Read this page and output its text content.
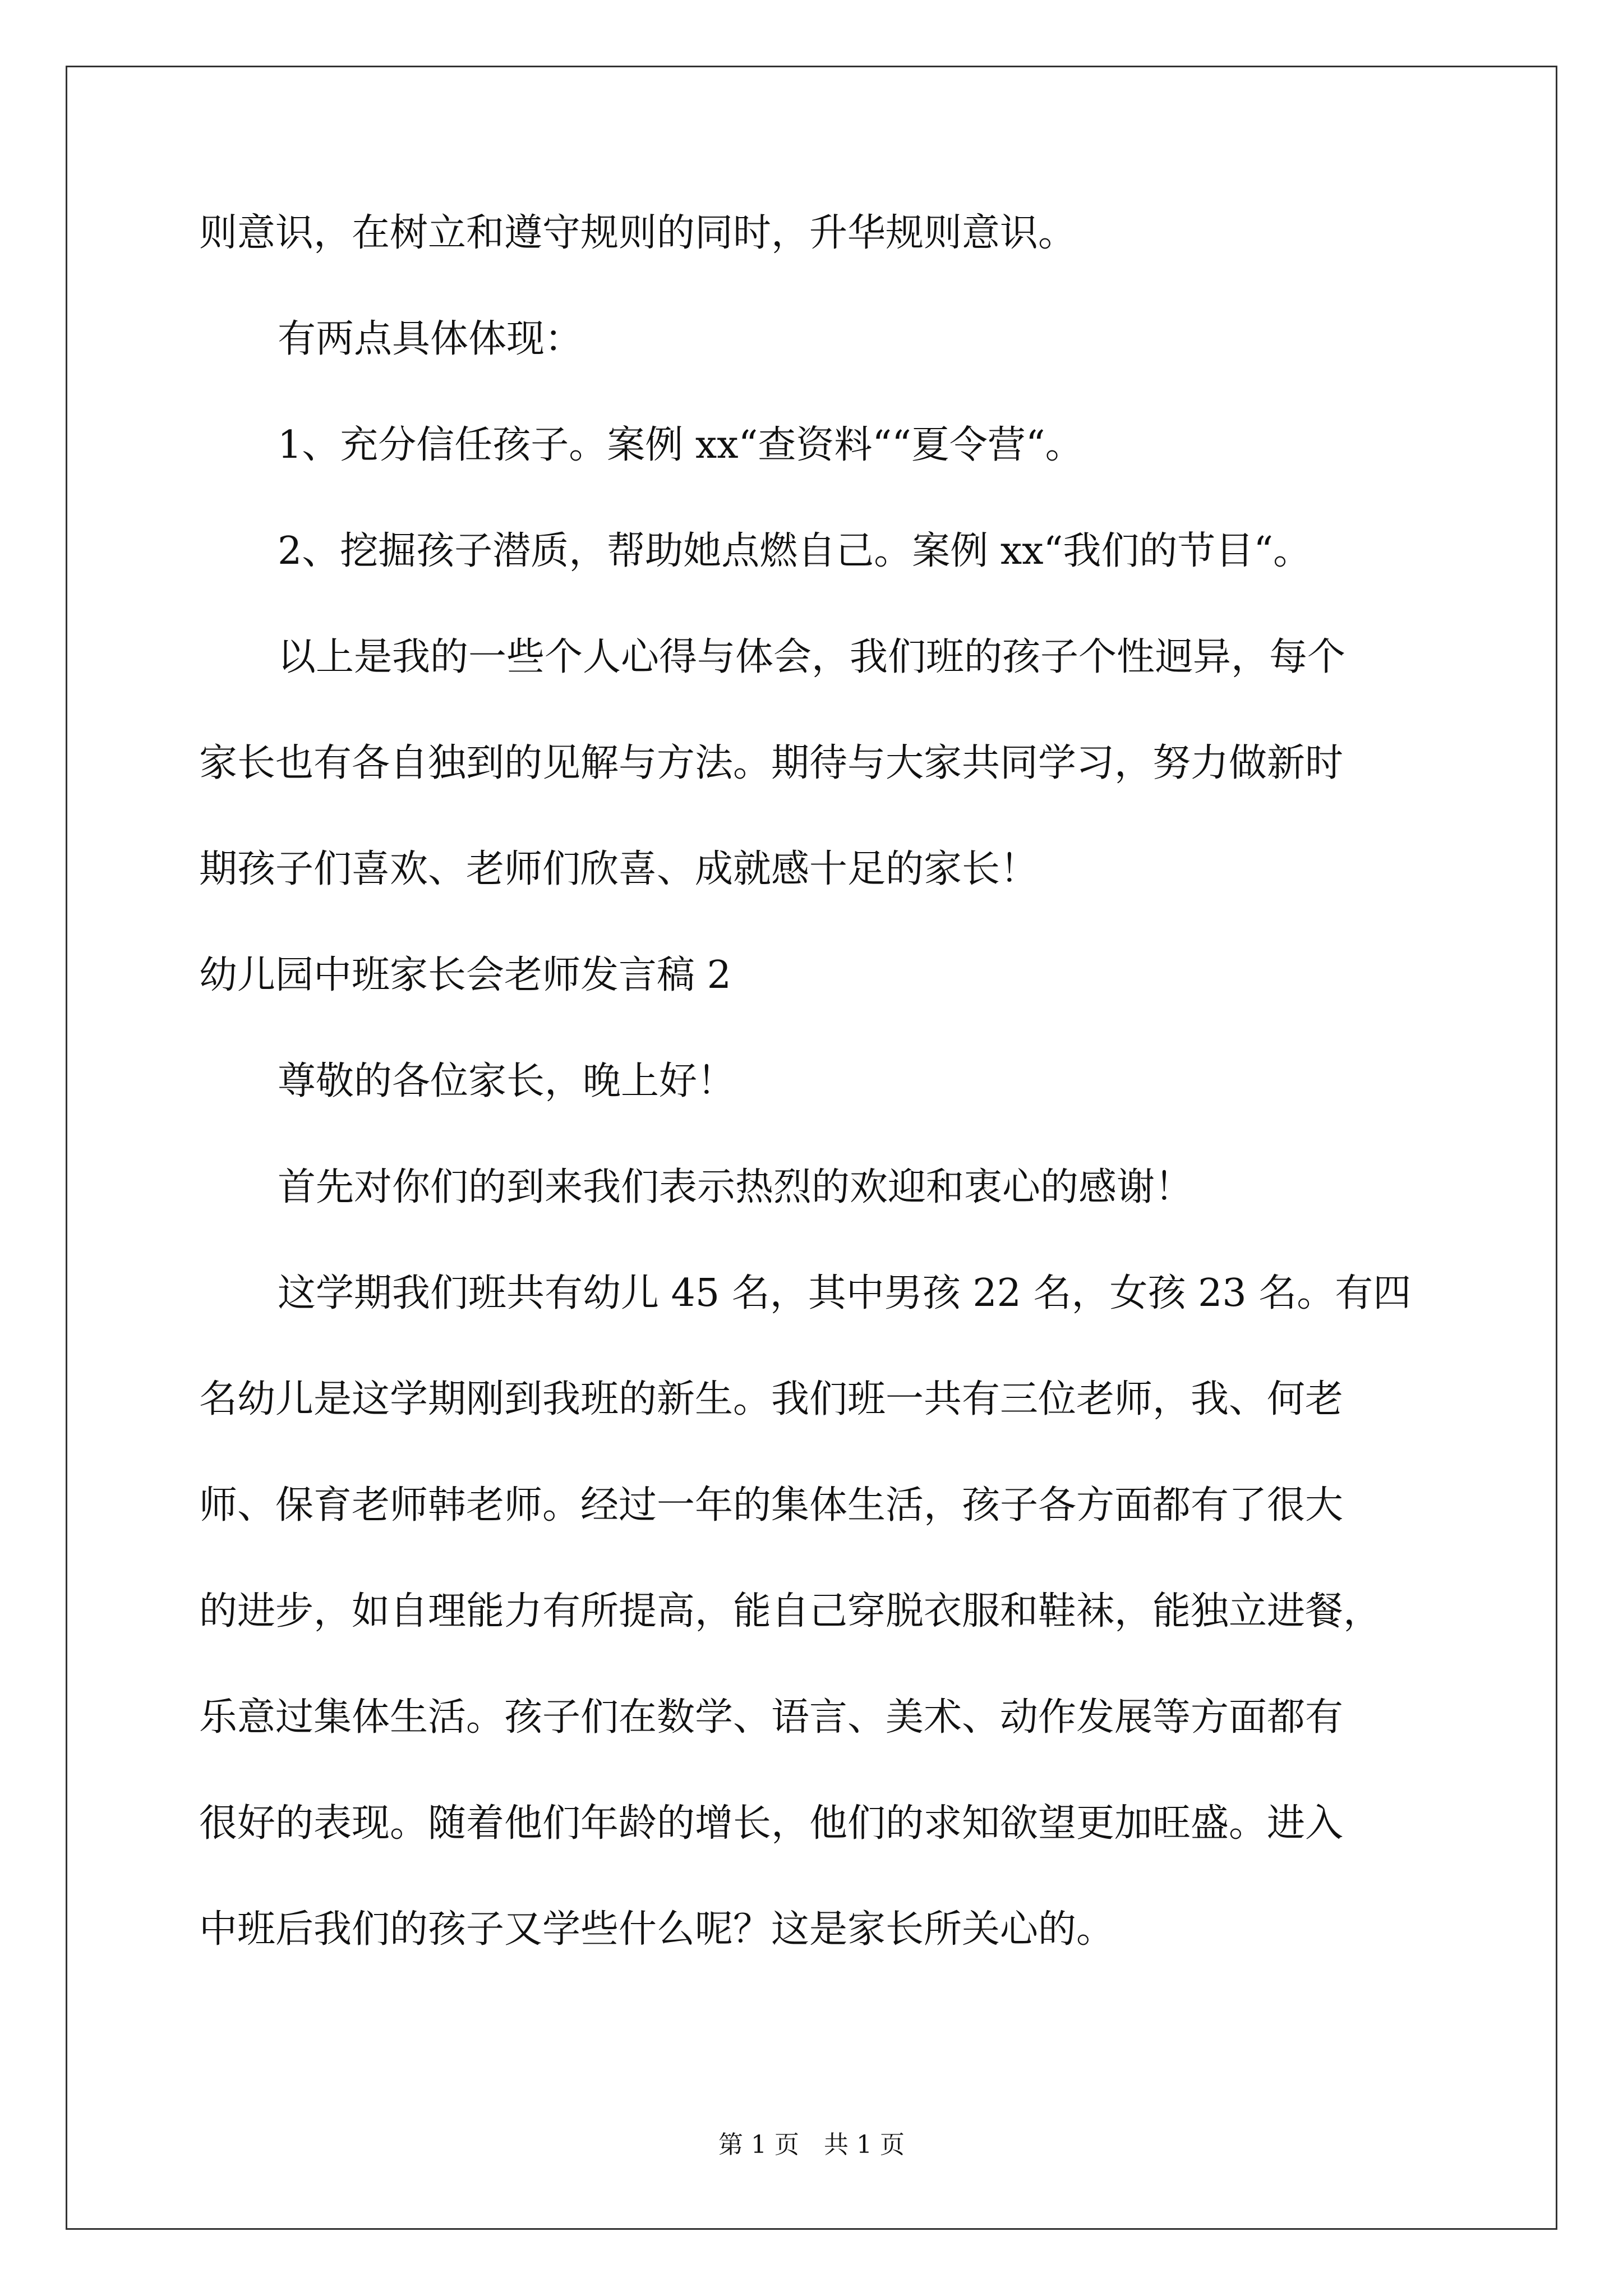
则意识，在树立和遵守规则的同时，升华规则意识。
有两点具体体现：
1、充分信任孩子。案例 xx“查资料““夏令营“。
2、挖掘孩子潜质，帮助她点燃自己。案例 xx“我们的节目“。
以上是我的一些个人心得与体会，我们班的孩子个性迥异，每个
家长也有各自独到的见解与方法。期待与大家共同学习，努力做新时
期孩子们喜欢、老师们欣喜、成就感十足的家长！
幼儿园中班家长会老师发言稿 2
尊敬的各位家长，晚上好！
首先对你们的到来我们表示热烈的欢迎和衷心的感谢！
这学期我们班共有幼儿 45 名，其中男孩 22 名，女孩 23 名。有四
名幼儿是这学期刚到我班的新生。我们班一共有三位老师，我、何老
师、保育老师韩老师。经过一年的集体生活，孩子各方面都有了很大
的进步，如自理能力有所提高，能自己穿脱衣服和鞋袜，能独立进餐，
乐意过集体生活。孩子们在数学、语言、美术、动作发展等方面都有
很好的表现。随着他们年龄的增长，他们的求知欲望更加旺盛。进入
中班后我们的孩子又学些什么呢？这是家长所关心的。
第 1 页　共 1 页
